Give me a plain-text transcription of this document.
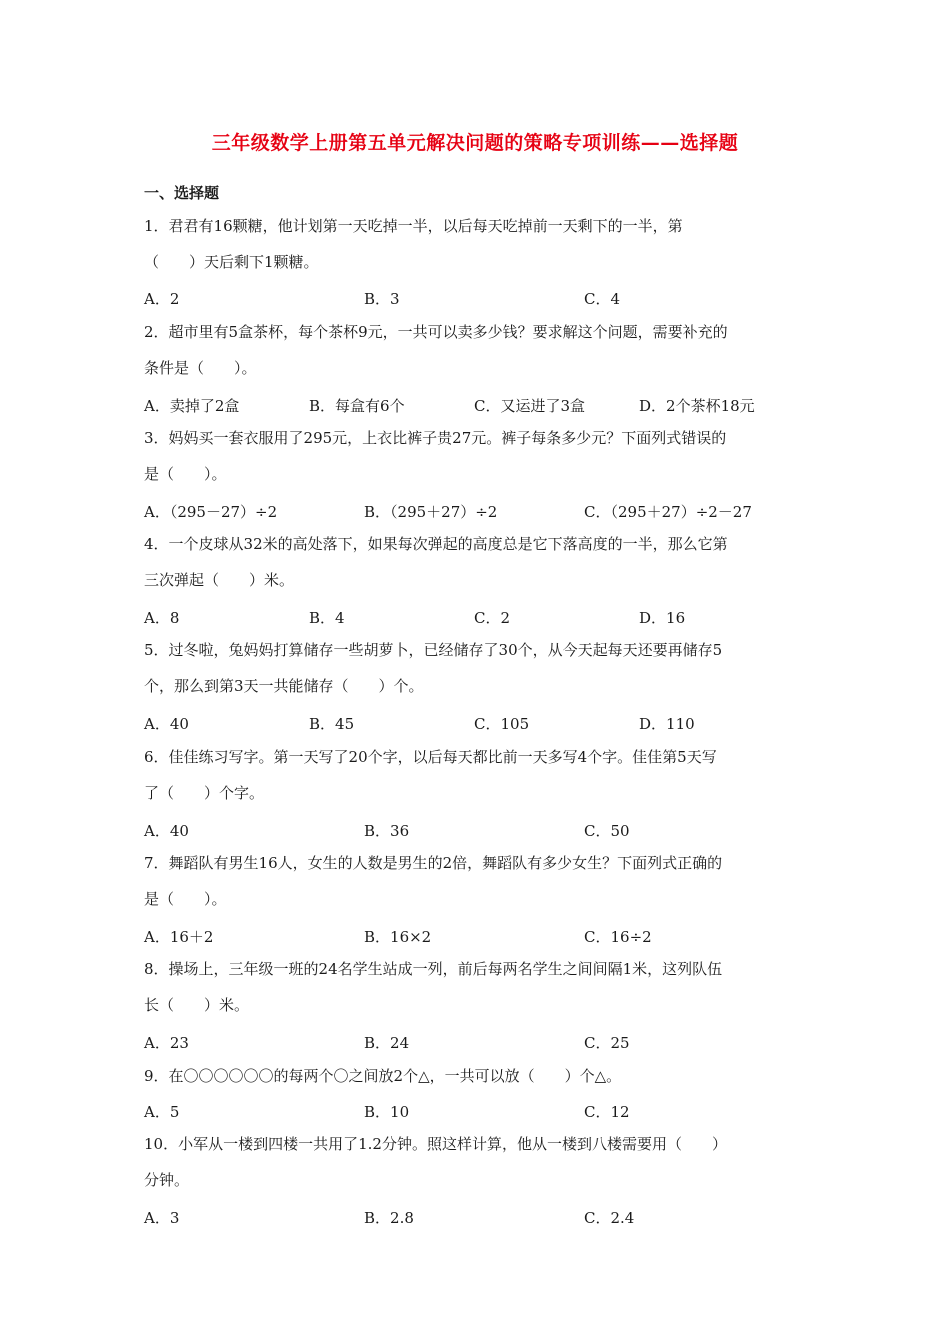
三年级数学上册第五单元解决问题的策略专项训练——选择题
一、选择题
1．君君有16颗糖，他计划第一天吃掉一半，以后每天吃掉前一天剩下的一半，第
（　　）天后剩下1颗糖。
A．2	B．3	C．4
2．超市里有5盒茶杯，每个茶杯9元，一共可以卖多少钱？要求解这个问题，需要补充的
条件是（　　）。
A．卖掉了2盒	B．每盒有6个	C．又运进了3盒	D．2个茶杯18元
3．妈妈买一套衣服用了295元，上衣比裤子贵27元。裤子每条多少元？下面列式错误的
是（　　）。
A．（295－27）÷2	B．（295＋27）÷2	C．（295＋27）÷2－27
4．一个皮球从32米的高处落下，如果每次弹起的高度总是它下落高度的一半，那么它第
三次弹起（　　）米。
A．8	B．4	C．2	D．16
5．过冬啦，兔妈妈打算储存一些胡萝卜，已经储存了30个，从今天起每天还要再储存5
个，那么到第3天一共能储存（　　）个。
A．40	B．45	C．105	D．110
6．佳佳练习写字。第一天写了20个字，以后每天都比前一天多写4个字。佳佳第5天写
了（　　）个字。
A．40	B．36	C．50
7．舞蹈队有男生16人，女生的人数是男生的2倍，舞蹈队有多少女生？下面列式正确的
是（　　）。
A．16＋2	B．16×2	C．16÷2
8．操场上，三年级一班的24名学生站成一列，前后每两名学生之间间隔1米，这列队伍
长（　　）米。
A．23	B．24	C．25
9．在〇〇〇〇〇〇的每两个〇之间放2个△，一共可以放（　　）个△。
A．5	B．10	C．12
10．小军从一楼到四楼一共用了1.2分钟。照这样计算，他从一楼到八楼需要用（　　）
分钟。
A．3	B．2.8	C．2.4
